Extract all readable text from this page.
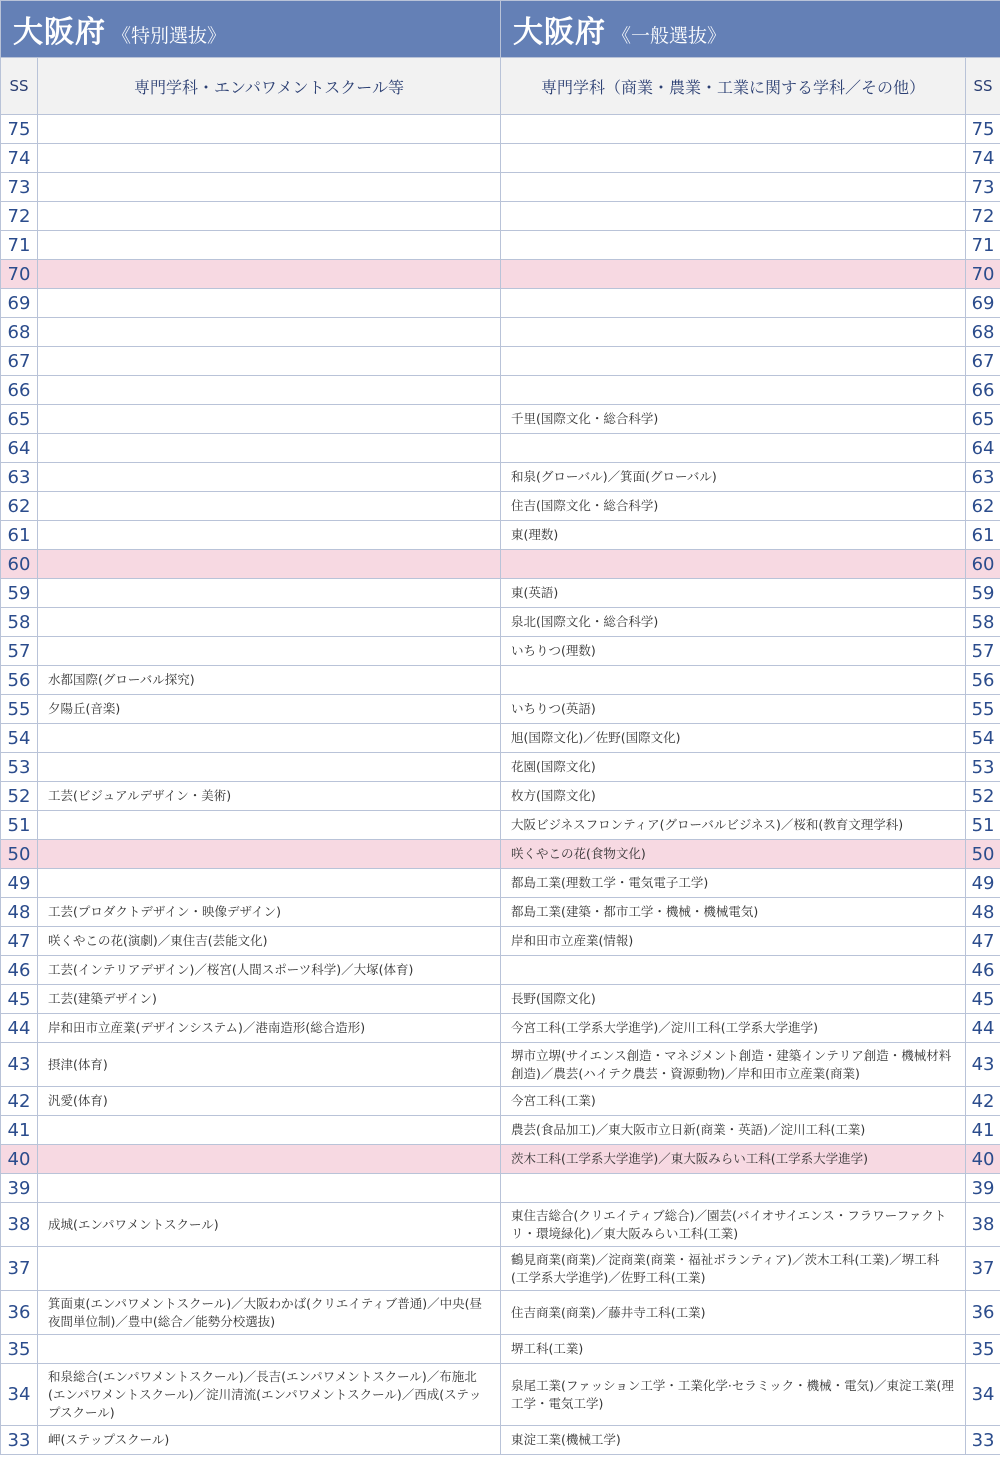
大阪府 《特別選抜》		大阪府 《一般選抜》	
SS	専門学科・エンパワメントスクール等	専門学科（商業・農業・工業に関する学科／その他）	SS
75			75
74			74
73			73
72			72
71			71
70			70
69			69
68			68
67			67
66			66
65		千里(国際文化・総合科学)	65
64			64
63		和泉(グローバル)／箕面(グローバル)	63
62		住吉(国際文化・総合科学)	62
61		東(理数)	61
60			60
59		東(英語)	59
58		泉北(国際文化・総合科学)	58
57		いちりつ(理数)	57
56	水都国際(グローバル探究)		56
55	夕陽丘(音楽)	いちりつ(英語)	55
54		旭(国際文化)／佐野(国際文化)	54
53		花園(国際文化)	53
52	工芸(ビジュアルデザイン・美術)	枚方(国際文化)	52
51		大阪ビジネスフロンティア(グローバルビジネス)／桜和(教育文理学科)	51
50		咲くやこの花(食物文化)	50
49		都島工業(理数工学・電気電子工学)	49
48	工芸(プロダクトデザイン・映像デザイン)	都島工業(建築・都市工学・機械・機械電気)	48
47	咲くやこの花(演劇)／東住吉(芸能文化)	岸和田市立産業(情報)	47
46	工芸(インテリアデザイン)／桜宮(人間スポーツ科学)／大塚(体育)		46
45	工芸(建築デザイン)	長野(国際文化)	45
44	岸和田市立産業(デザインシステム)／港南造形(総合造形)	今宮工科(工学系大学進学)／淀川工科(工学系大学進学)	44
43	摂津(体育)	堺市立堺(サイエンス創造・マネジメント創造・建築インテリア創造・機械材料創造)／農芸(ハイテク農芸・資源動物)／岸和田市立産業(商業)	43
42	汎愛(体育)	今宮工科(工業)	42
41		農芸(食品加工)／東大阪市立日新(商業・英語)／淀川工科(工業)	41
40		茨木工科(工学系大学進学)／東大阪みらい工科(工学系大学進学)	40
39			39
38	成城(エンパワメントスクール)	東住吉総合(クリエイティブ総合)／園芸(バイオサイエンス・フラワーファクトリ・環境緑化)／東大阪みらい工科(工業)	38
37		鶴見商業(商業)／淀商業(商業・福祉ボランティア)／茨木工科(工業)／堺工科(工学系大学進学)／佐野工科(工業)	37
36	箕面東(エンパワメントスクール)／大阪わかば(クリエイティブ普通)／中央(昼夜間単位制)／豊中(総合／能勢分校選抜)	住吉商業(商業)／藤井寺工科(工業)	36
35		堺工科(工業)	35
34	和泉総合(エンパワメントスクール)／長吉(エンパワメントスクール)／布施北(エンパワメントスクール)／淀川清流(エンパワメントスクール)／西成(ステップスクール)	泉尾工業(ファッション工学・工業化学·セラミック・機械・電気)／東淀工業(理工学・電気工学)	34
33	岬(ステップスクール)	東淀工業(機械工学)	33
